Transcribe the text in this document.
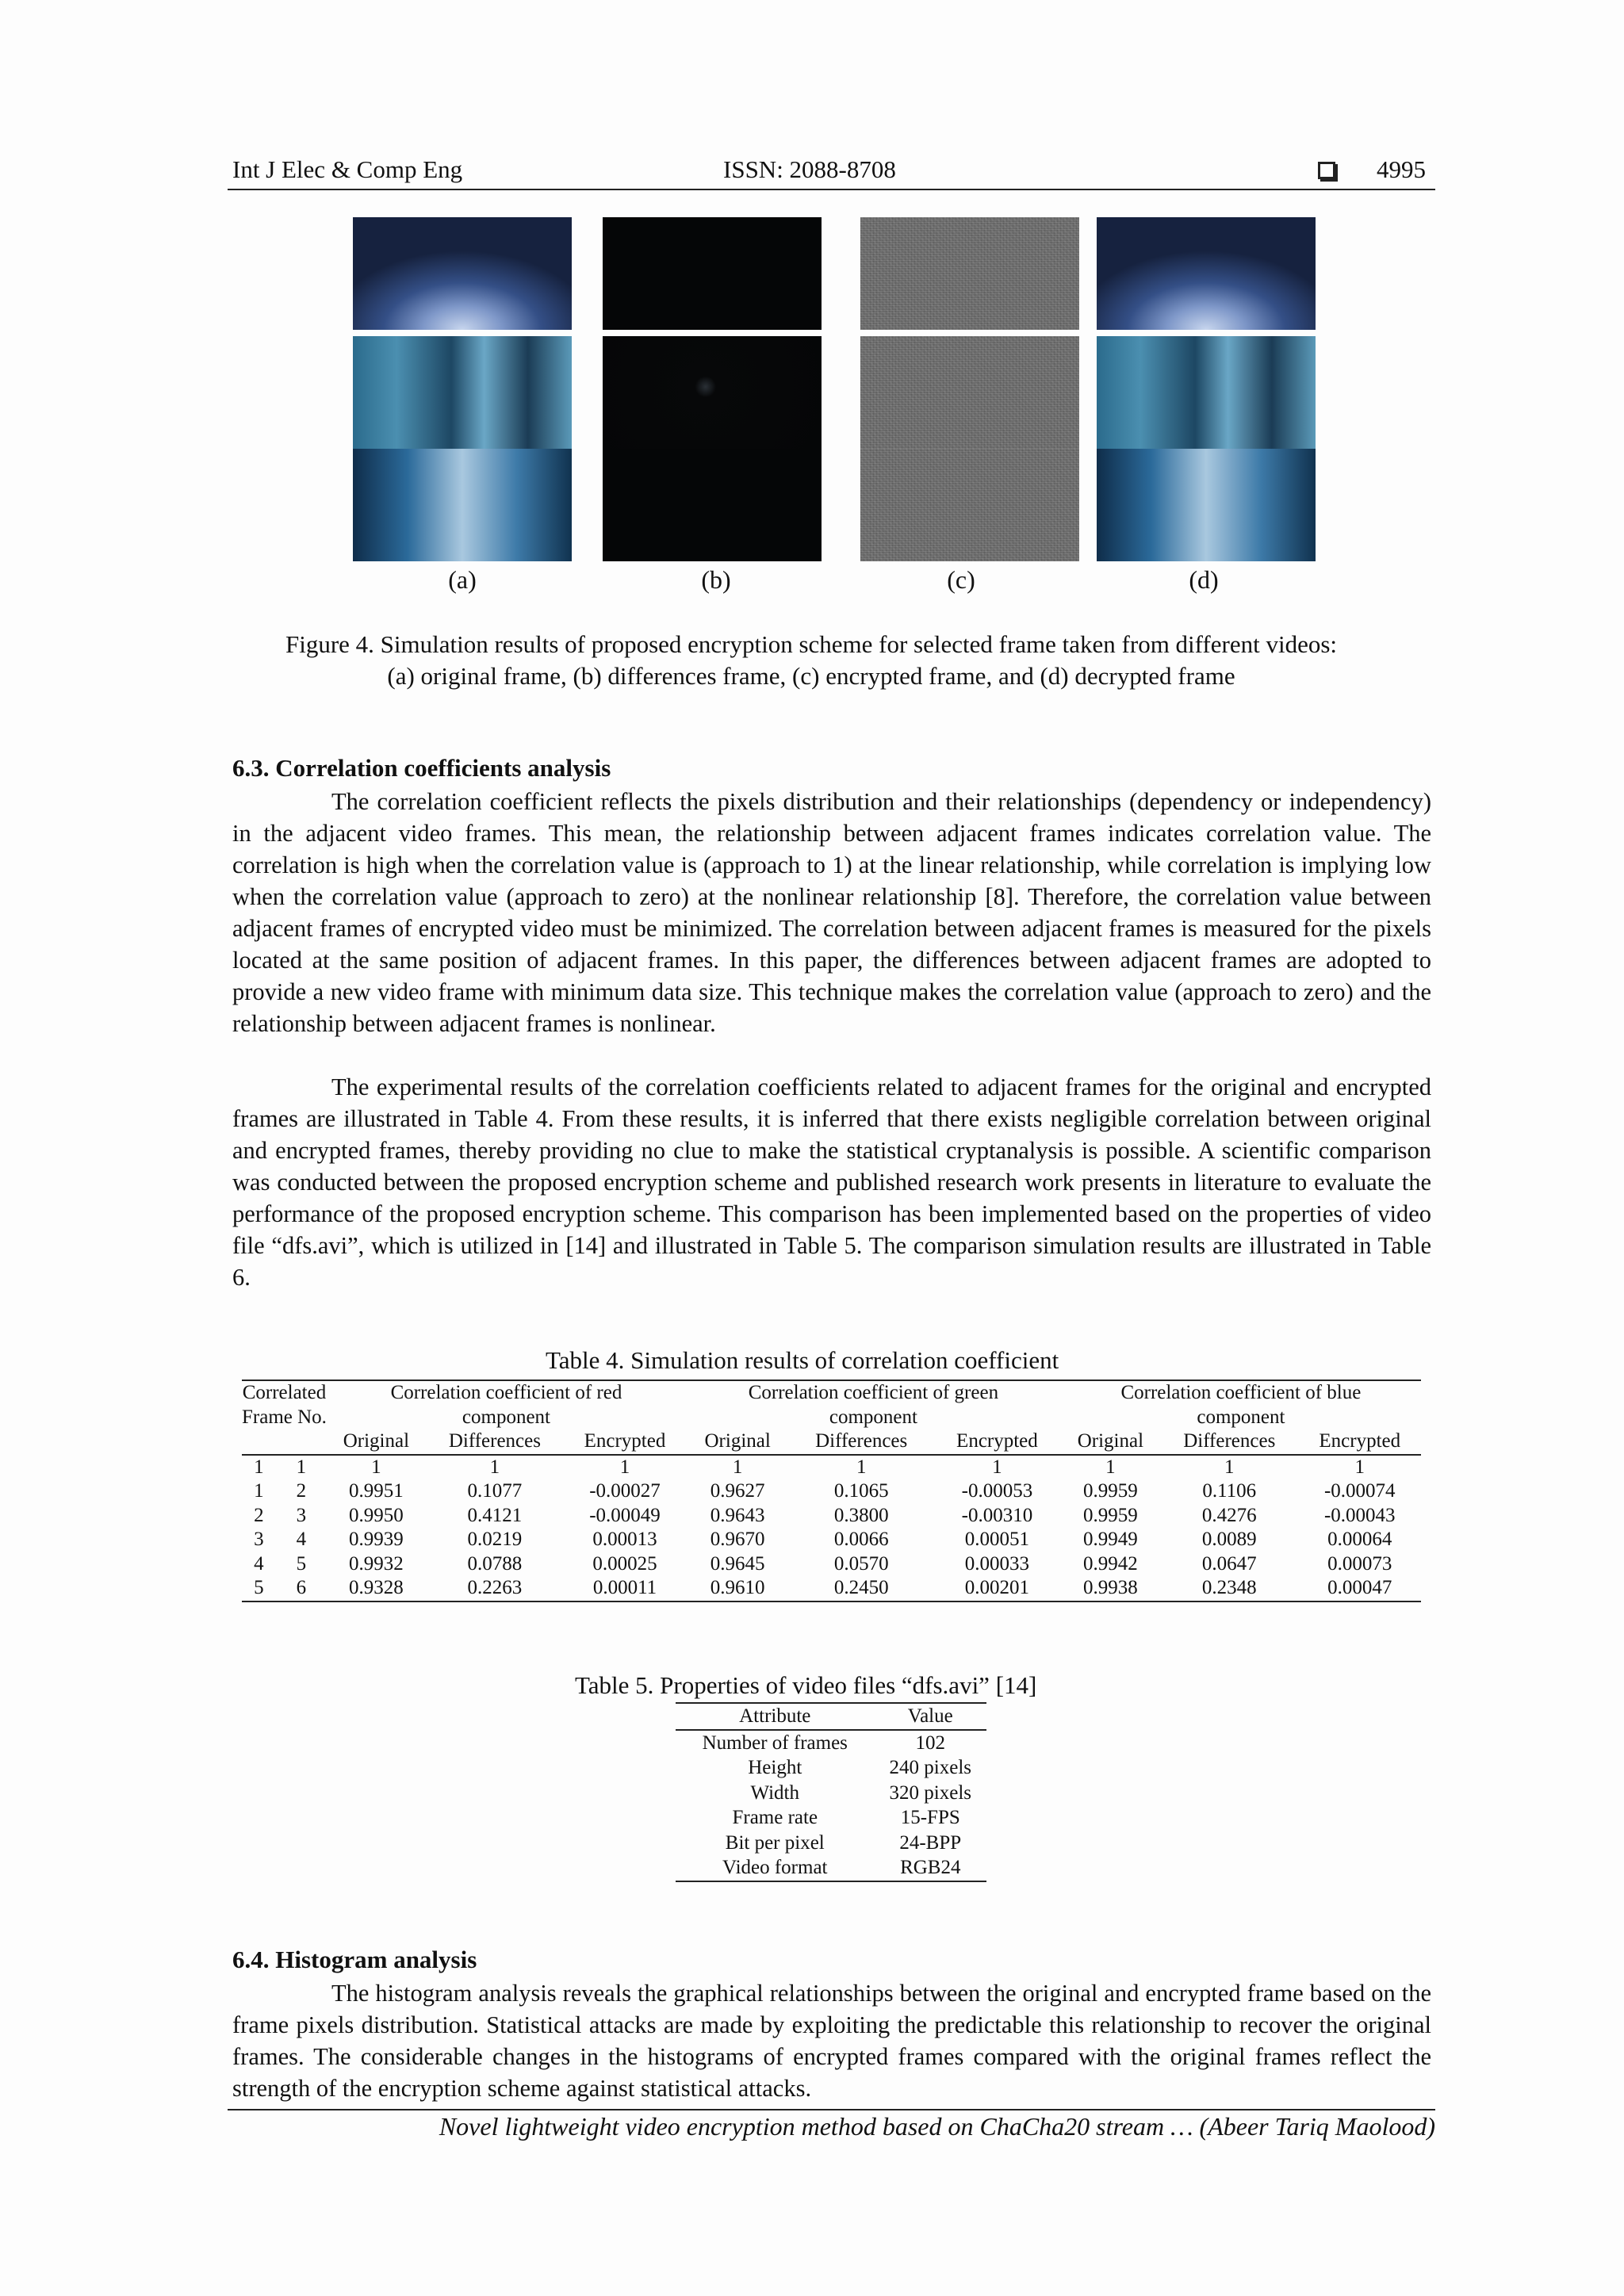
Int J Elec & Comp Eng	ISSN: 2088-8708	4995
(a)	(b)	(c)	(d)
Figure 4. Simulation results of proposed encryption scheme for selected frame taken from different videos:
(a) original frame, (b) differences frame, (c) encrypted frame, and (d) decrypted frame
6.3. Correlation coefficients analysis

The correlation coefficient reflects the pixels distribution and their relationships (dependency or independency) in the adjacent video frames. This mean, the relationship between adjacent frames indicates correlation value. The correlation is high when the correlation value is (approach to 1) at the linear relationship, while correlation is implying low when the correlation value (approach to zero) at the nonlinear relationship [8]. Therefore, the correlation value between adjacent frames of encrypted video must be minimized. The correlation between adjacent frames is measured for the pixels located at the same position of adjacent frames. In this paper, the differences between adjacent frames are adopted to provide a new video frame with minimum data size. This technique makes the correlation value (approach to zero) and the relationship between adjacent frames is nonlinear.

The experimental results of the correlation coefficients related to adjacent frames for the original and encrypted frames are illustrated in Table 4. From these results, it is inferred that there exists negligible correlation between original and encrypted frames, thereby providing no clue to make the statistical cryptanalysis is possible. A scientific comparison was conducted between the proposed encryption scheme and published research work presents in literature to evaluate the performance of the proposed encryption scheme. This comparison has been implemented based on the properties of video file “dfs.avi”, which is utilized in [14] and illustrated in Table 5. The comparison simulation results are illustrated in Table 6.

Table 4. Simulation results of correlation coefficient
Correlated		Correlation coefficient of red			Correlation coefficient of green			Correlation coefficient of blue		
Frame No.		component			component			component		
		Original	Differences	Encrypted	Original	Differences	Encrypted	Original	Differences	Encrypted
1	1	1	1	1	1	1	1	1	1	1
1	2	0.9951	0.1077	-0.00027	0.9627	0.1065	-0.00053	0.9959	0.1106	-0.00074
2	3	0.9950	0.4121	-0.00049	0.9643	0.3800	-0.00310	0.9959	0.4276	-0.00043
3	4	0.9939	0.0219	0.00013	0.9670	0.0066	0.00051	0.9949	0.0089	0.00064
4	5	0.9932	0.0788	0.00025	0.9645	0.0570	0.00033	0.9942	0.0647	0.00073
5	6	0.9328	0.2263	0.00011	0.9610	0.2450	0.00201	0.9938	0.2348	0.00047
Table 5. Properties of video files “dfs.avi” [14]
Attribute	Value
Number of frames	102
Height	240 pixels
Width	320 pixels
Frame rate	15-FPS
Bit per pixel	24-BPP
Video format	RGB24
6.4. Histogram analysis

The histogram analysis reveals the graphical relationships between the original and encrypted frame based on the frame pixels distribution. Statistical attacks are made by exploiting the predictable this relationship to recover the original frames. The considerable changes in the histograms of encrypted frames compared with the original frames reflect the strength of the encryption scheme against statistical attacks.

Novel lightweight video encryption method based on ChaCha20 stream … (Abeer Tariq Maolood)
